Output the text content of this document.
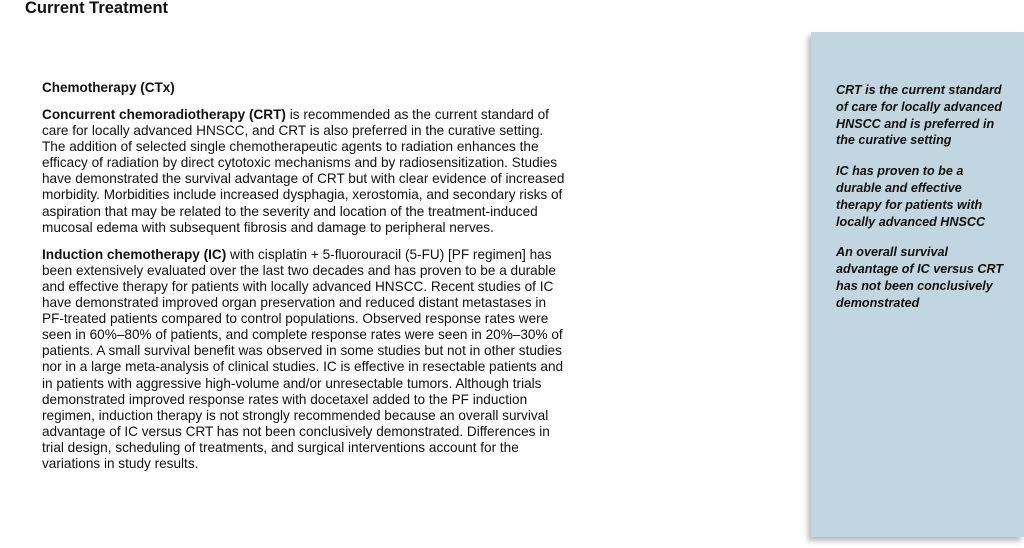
Current Treatment
Chemotherapy (CTx)

Concurrent chemoradiotherapy (CRT) is recommended as the current standard of care for locally advanced HNSCC, and CRT is also preferred in the curative setting. The addition of selected single chemotherapeutic agents to radiation enhances the efficacy of radiation by direct cytotoxic mechanisms and by radiosensitization. Studies have demonstrated the survival advantage of CRT but with clear evidence of increased morbidity. Morbidities include increased dysphagia, xerostomia, and secondary risks of aspiration that may be related to the severity and location of the treatment-induced mucosal edema with subsequent fibrosis and damage to peripheral nerves.

Induction chemotherapy (IC) with cisplatin + 5-fluorouracil (5-FU) [PF regimen] has been extensively evaluated over the last two decades and has proven to be a durable and effective therapy for patients with locally advanced HNSCC. Recent studies of IC have demonstrated improved organ preservation and reduced distant metastases in PF-treated patients compared to control populations. Observed response rates were seen in 60%–80% of patients, and complete response rates were seen in 20%–30% of patients. A small survival benefit was observed in some studies but not in other studies nor in a large meta-analysis of clinical studies. IC is effective in resectable patients and in patients with aggressive high-volume and/or unresectable tumors. Although trials demonstrated improved response rates with docetaxel added to the PF induction regimen, induction therapy is not strongly recommended because an overall survival advantage of IC versus CRT has not been conclusively demonstrated. Differences in trial design, scheduling of treatments, and surgical interventions account for the variations in study results.

CRT is the current standard of care for locally advanced HNSCC and is preferred in the curative setting

IC has proven to be a durable and effective therapy for patients with locally advanced HNSCC

An overall survival advantage of IC versus CRT has not been conclusively demonstrated
